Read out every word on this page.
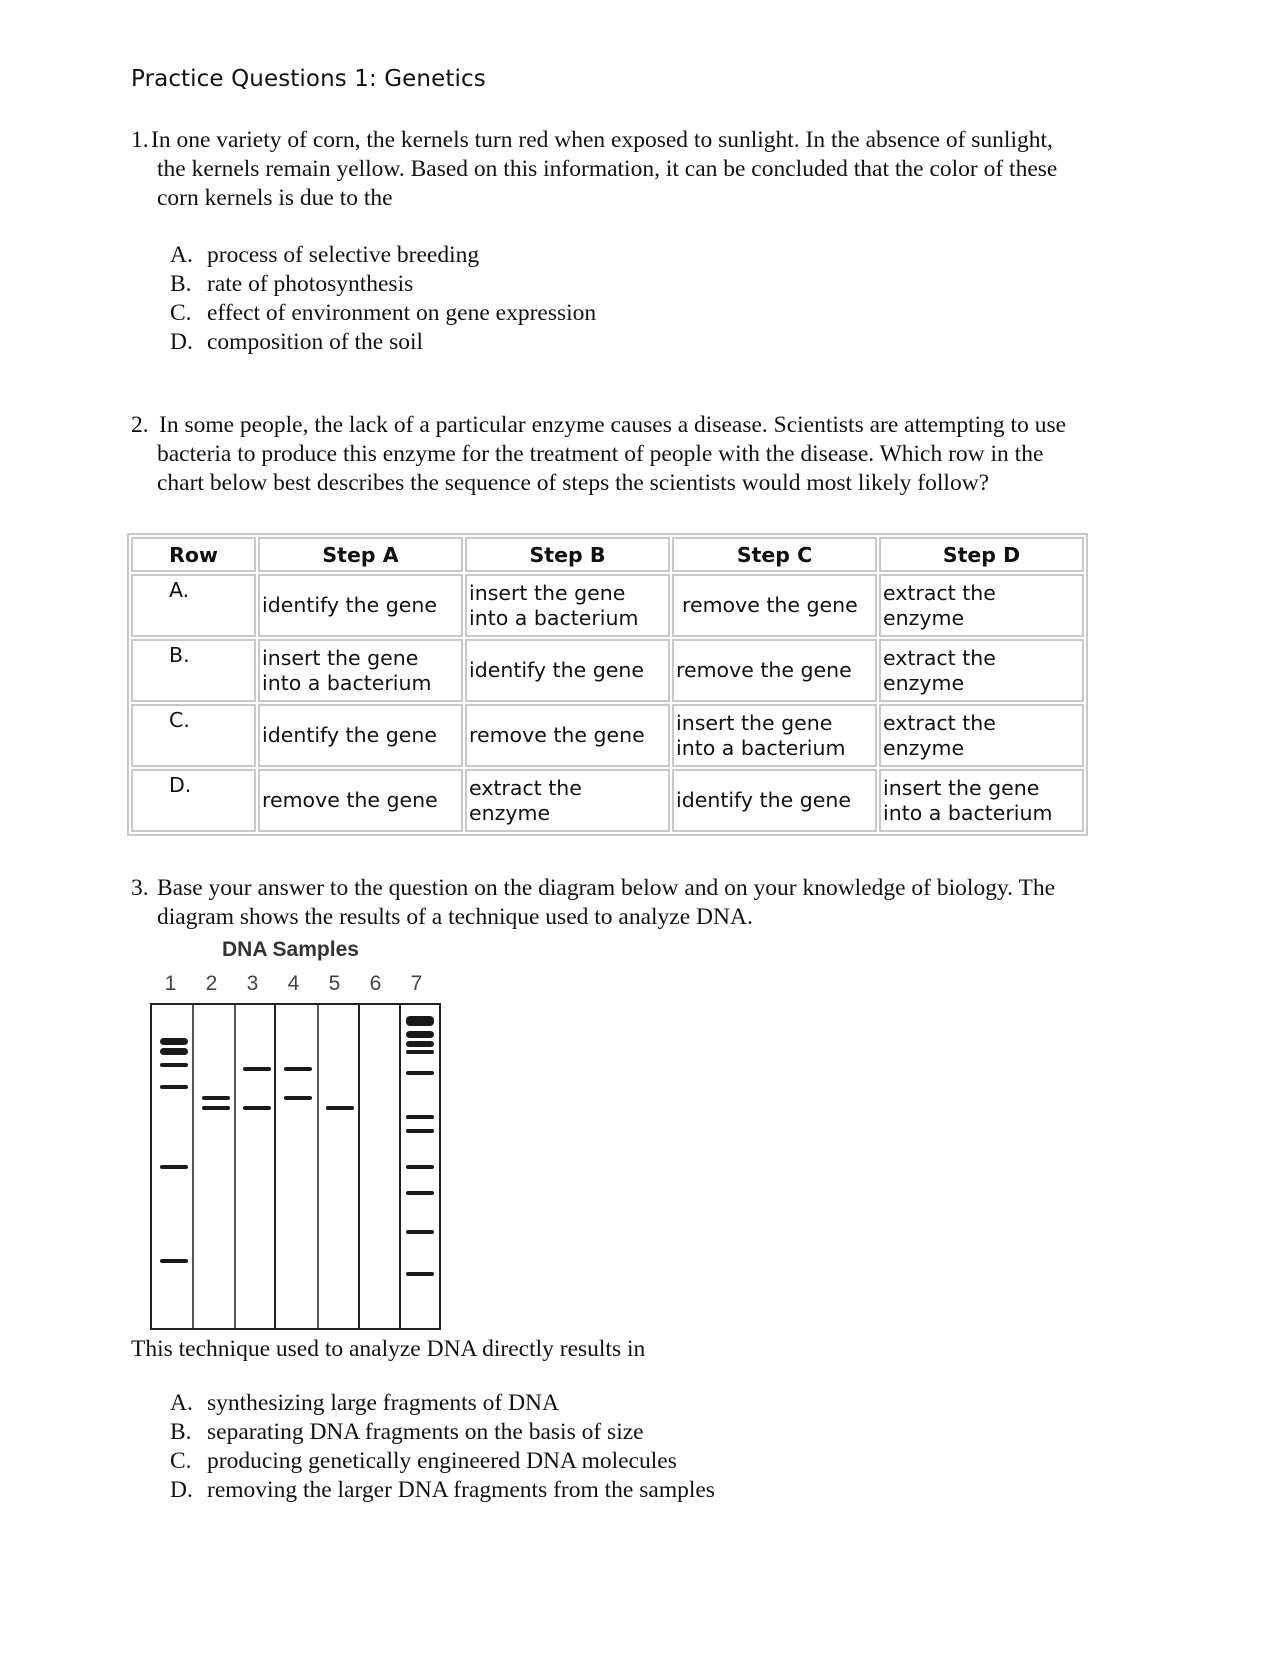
Practice Questions 1: Genetics
1. In one variety of corn, the kernels turn red when exposed to sunlight. In the absence of sunlight,
the kernels remain yellow. Based on this information, it can be concluded that the color of these
corn kernels is due to the
A. process of selective breeding
B. rate of photosynthesis
C. effect of environment on gene expression
D. composition of the soil
2. In some people, the lack of a particular enzyme causes a disease. Scientists are attempting to use
bacteria to produce this enzyme for the treatment of people with the disease. Which row in the
chart below best describes the sequence of steps the scientists would most likely follow?
Row	Step A	Step B	Step C	Step D
A.	identify the gene	insert the gene into a bacterium	remove the gene	extract the enzyme
B.	insert the gene into a bacterium	identify the gene	remove the gene	extract the enzyme
C.	identify the gene	remove the gene	insert the gene into a bacterium	extract the enzyme
D.	remove the gene	extract the enzyme	identify the gene	insert the gene into a bacterium
3. Base your answer to the question on the diagram below and on your knowledge of biology. The
diagram shows the results of a technique used to analyze DNA.
DNA Samples
1	2	3	4	5	6	7
This technique used to analyze DNA directly results in
A. synthesizing large fragments of DNA
B. separating DNA fragments on the basis of size
C. producing genetically engineered DNA molecules
D. removing the larger DNA fragments from the samples
